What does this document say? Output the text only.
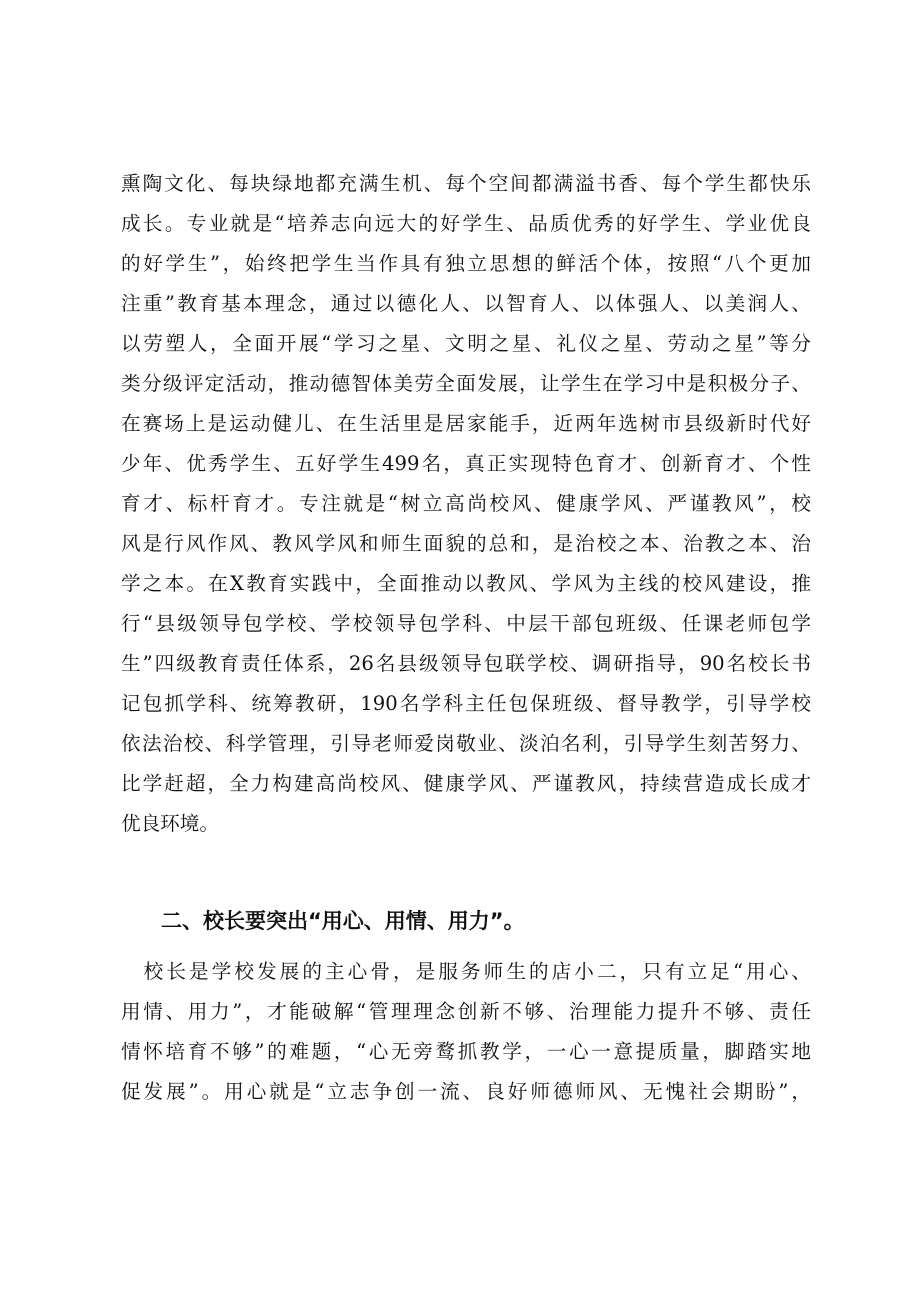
熏陶文化、每块绿地都充满生机、每个空间都满溢书香、每个学生都快乐
成长。专业就是“培养志向远大的好学生、品质优秀的好学生、学业优良
的好学生”，始终把学生当作具有独立思想的鲜活个体，按照“八个更加
注重”教育基本理念，通过以德化人、以智育人、以体强人、以美润人、
以劳塑人，全面开展“学习之星、文明之星、礼仪之星、劳动之星”等分
类分级评定活动，推动德智体美劳全面发展，让学生在学习中是积极分子、
在赛场上是运动健儿、在生活里是居家能手，近两年选树市县级新时代好
少年、优秀学生、五好学生499名，真正实现特色育才、创新育才、个性
育才、标杆育才。专注就是“树立高尚校风、健康学风、严谨教风”，校
风是行风作风、教风学风和师生面貌的总和，是治校之本、治教之本、治
学之本。在X教育实践中，全面推动以教风、学风为主线的校风建设，推
行“县级领导包学校、学校领导包学科、中层干部包班级、任课老师包学
生”四级教育责任体系，26名县级领导包联学校、调研指导，90名校长书
记包抓学科、统筹教研，190名学科主任包保班级、督导教学，引导学校
依法治校、科学管理，引导老师爱岗敬业、淡泊名利，引导学生刻苦努力、
比学赶超，全力构建高尚校风、健康学风、严谨教风，持续营造成长成才
优良环境。
二、校长要突出“用心、用情、用力”。
　校长是学校发展的主心骨，是服务师生的店小二，只有立足“用心、
用情、用力”，才能破解“管理理念创新不够、治理能力提升不够、责任
情怀培育不够”的难题，“心无旁鹜抓教学，一心一意提质量，脚踏实地
促发展”。用心就是“立志争创一流、良好师德师风、无愧社会期盼”，
